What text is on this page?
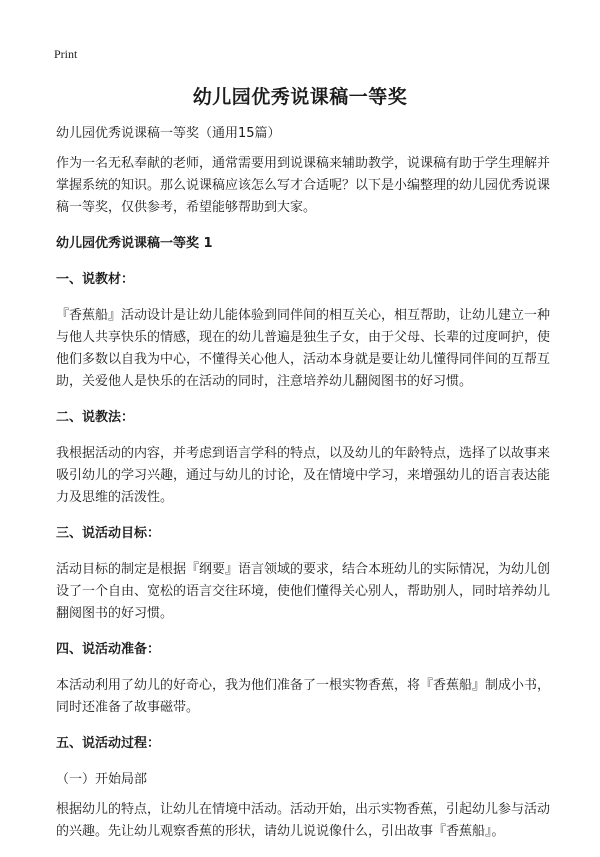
Print
幼儿园优秀说课稿一等奖

幼儿园优秀说课稿一等奖（通用15篇）

作为一名无私奉献的老师，通常需要用到说课稿来辅助教学，说课稿有助于学生理解并掌握系统的知识。那么说课稿应该怎么写才合适呢？以下是小编整理的幼儿园优秀说课稿一等奖，仅供参考，希望能够帮助到大家。

幼儿园优秀说课稿一等奖 1

一、说教材：

『香蕉船』活动设计是让幼儿能体验到同伴间的相互关心，相互帮助，让幼儿建立一种与他人共享快乐的情感，现在的幼儿普遍是独生子女，由于父母、长辈的过度呵护，使他们多数以自我为中心，不懂得关心他人，活动本身就是要让幼儿懂得同伴间的互帮互助，关爱他人是快乐的在活动的同时，注意培养幼儿翻阅图书的好习惯。

二、说教法：

我根据活动的内容，并考虑到语言学科的特点，以及幼儿的年龄特点，选择了以故事来吸引幼儿的学习兴趣，通过与幼儿的讨论，及在情境中学习，来增强幼儿的语言表达能力及思维的活泼性。

三、说活动目标：

活动目标的制定是根据『纲要』语言领域的要求，结合本班幼儿的实际情况，为幼儿创设了一个自由、宽松的语言交往环境，使他们懂得关心别人，帮助别人，同时培养幼儿翻阅图书的好习惯。

四、说活动准备：

本活动利用了幼儿的好奇心，我为他们准备了一根实物香蕉，将『香蕉船』制成小书，同时还准备了故事磁带。

五、说活动过程：

（一）开始局部

根据幼儿的特点，让幼儿在情境中活动。活动开始，出示实物香蕉，引起幼儿参与活动的兴趣。先让幼儿观察香蕉的形状，请幼儿说说像什么，引出故事『香蕉船』。
